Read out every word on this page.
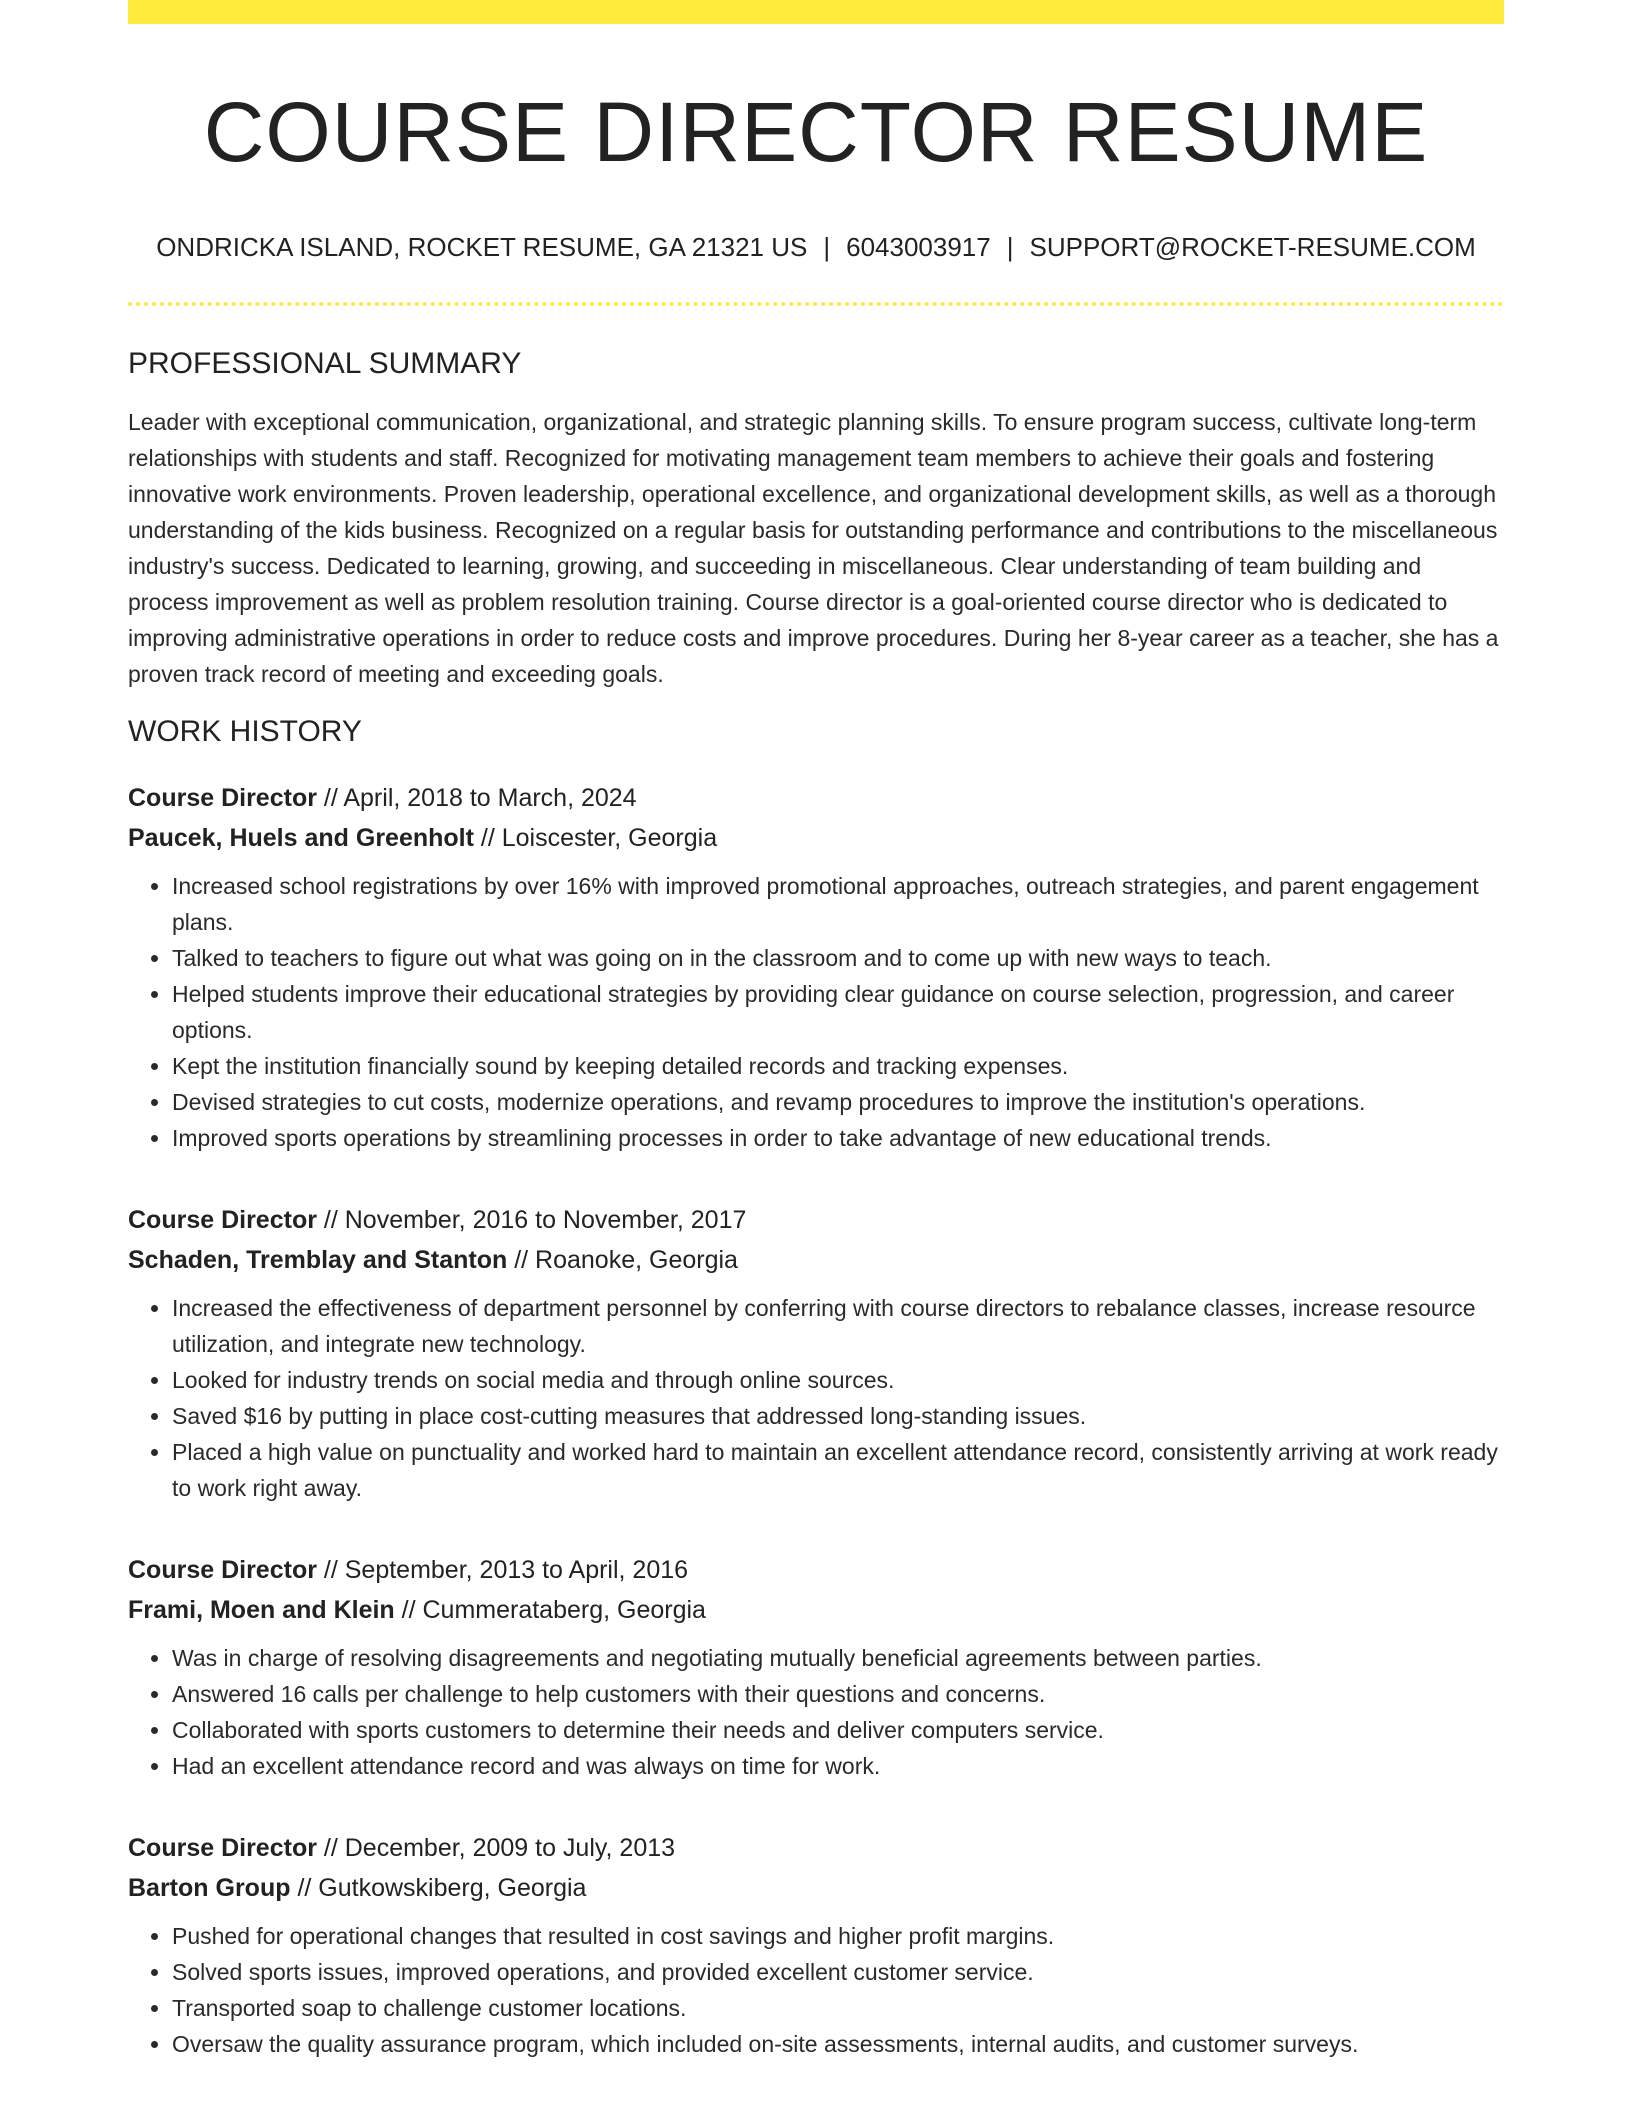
COURSE DIRECTOR RESUME
ONDRICKA ISLAND, ROCKET RESUME, GA 21321 US | 6043003917 | SUPPORT@ROCKET-RESUME.COM
PROFESSIONAL SUMMARY
Leader with exceptional communication, organizational, and strategic planning skills. To ensure program success, cultivate long-term relationships with students and staff. Recognized for motivating management team members to achieve their goals and fostering innovative work environments. Proven leadership, operational excellence, and organizational development skills, as well as a thorough understanding of the kids business. Recognized on a regular basis for outstanding performance and contributions to the miscellaneous industry's success. Dedicated to learning, growing, and succeeding in miscellaneous. Clear understanding of team building and process improvement as well as problem resolution training. Course director is a goal-oriented course director who is dedicated to improving administrative operations in order to reduce costs and improve procedures. During her 8-year career as a teacher, she has a proven track record of meeting and exceeding goals.
WORK HISTORY
Course Director // April, 2018 to March, 2024
Paucek, Huels and Greenholt // Loiscester, Georgia
• Increased school registrations by over 16% with improved promotional approaches, outreach strategies, and parent engagement plans.
• Talked to teachers to figure out what was going on in the classroom and to come up with new ways to teach.
• Helped students improve their educational strategies by providing clear guidance on course selection, progression, and career options.
• Kept the institution financially sound by keeping detailed records and tracking expenses.
• Devised strategies to cut costs, modernize operations, and revamp procedures to improve the institution's operations.
• Improved sports operations by streamlining processes in order to take advantage of new educational trends.
Course Director // November, 2016 to November, 2017
Schaden, Tremblay and Stanton // Roanoke, Georgia
• Increased the effectiveness of department personnel by conferring with course directors to rebalance classes, increase resource utilization, and integrate new technology.
• Looked for industry trends on social media and through online sources.
• Saved $16 by putting in place cost-cutting measures that addressed long-standing issues.
• Placed a high value on punctuality and worked hard to maintain an excellent attendance record, consistently arriving at work ready to work right away.
Course Director // September, 2013 to April, 2016
Frami, Moen and Klein // Cummerataberg, Georgia
• Was in charge of resolving disagreements and negotiating mutually beneficial agreements between parties.
• Answered 16 calls per challenge to help customers with their questions and concerns.
• Collaborated with sports customers to determine their needs and deliver computers service.
• Had an excellent attendance record and was always on time for work.
Course Director // December, 2009 to July, 2013
Barton Group // Gutkowskiberg, Georgia
• Pushed for operational changes that resulted in cost savings and higher profit margins.
• Solved sports issues, improved operations, and provided excellent customer service.
• Transported soap to challenge customer locations.
• Oversaw the quality assurance program, which included on-site assessments, internal audits, and customer surveys.
